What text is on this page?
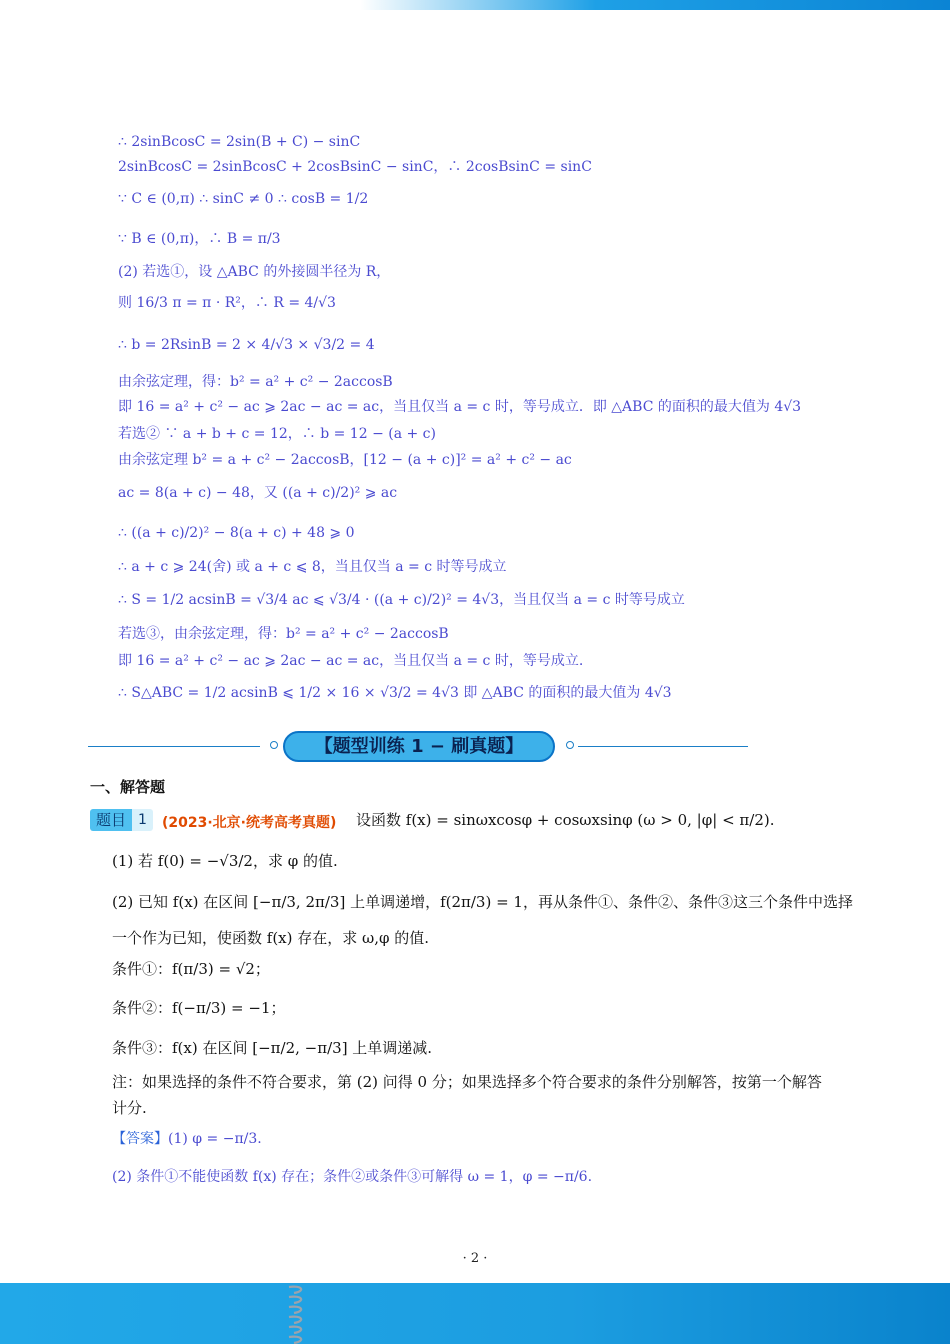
∴ 2sinBcosC = 2sin(B + C) − sinC
2sinBcosC = 2sinBcosC + 2cosBsinC − sinC，∴ 2cosBsinC = sinC
∵ C ∈ (0,π) ∴ sinC ≠ 0 ∴ cosB = 1/2
∵ B ∈ (0,π)，∴ B = π/3
(2) 若选①，设 △ABC 的外接圆半径为 R，
则 16/3 π = π · R²，∴ R = 4/√3
∴ b = 2RsinB = 2 × 4/√3 × √3/2 = 4
由余弦定理，得：b² = a² + c² − 2accosB
即 16 = a² + c² − ac ⩾ 2ac − ac = ac，当且仅当 a = c 时，等号成立．即 △ABC 的面积的最大值为 4√3
若选② ∵ a + b + c = 12，∴ b = 12 − (a + c)
由余弦定理 b² = a + c² − 2accosB，[12 − (a + c)]² = a² + c² − ac
ac = 8(a + c) − 48，又 ((a + c)/2)² ⩾ ac
∴ ((a + c)/2)² − 8(a + c) + 48 ⩾ 0
∴ a + c ⩾ 24(舍) 或 a + c ⩽ 8，当且仅当 a = c 时等号成立
∴ S = 1/2 acsinB = √3/4 ac ⩽ √3/4 · ((a + c)/2)² = 4√3，当且仅当 a = c 时等号成立
若选③，由余弦定理，得：b² = a² + c² − 2accosB
即 16 = a² + c² − ac ⩾ 2ac − ac = ac，当且仅当 a = c 时，等号成立.
∴ S△ABC = 1/2 acsinB ⩽ 1/2 × 16 × √3/2 = 4√3 即 △ABC 的面积的最大值为 4√3
【题型训练 1 − 刷真题】
一、解答题
题目 1	(2023·北京·统考高考真题) 设函数 f(x) = sinωxcosφ + cosωxsinφ (ω > 0, |φ| < π/2).
(1) 若 f(0) = −√3/2，求 φ 的值.
(2) 已知 f(x) 在区间 [−π/3, 2π/3] 上单调递增，f(2π/3) = 1，再从条件①、条件②、条件③这三个条件中选择
一个作为已知，使函数 f(x) 存在，求 ω,φ 的值.
条件①：f(π/3) = √2；
条件②：f(−π/3) = −1；
条件③：f(x) 在区间 [−π/2, −π/3] 上单调递减.
注：如果选择的条件不符合要求，第 (2) 问得 0 分；如果选择多个符合要求的条件分别解答，按第一个解答
计分.
【答案】(1) φ = −π/3.
(2) 条件①不能使函数 f(x) 存在；条件②或条件③可解得 ω = 1，φ = −π/6.
· 2 ·
